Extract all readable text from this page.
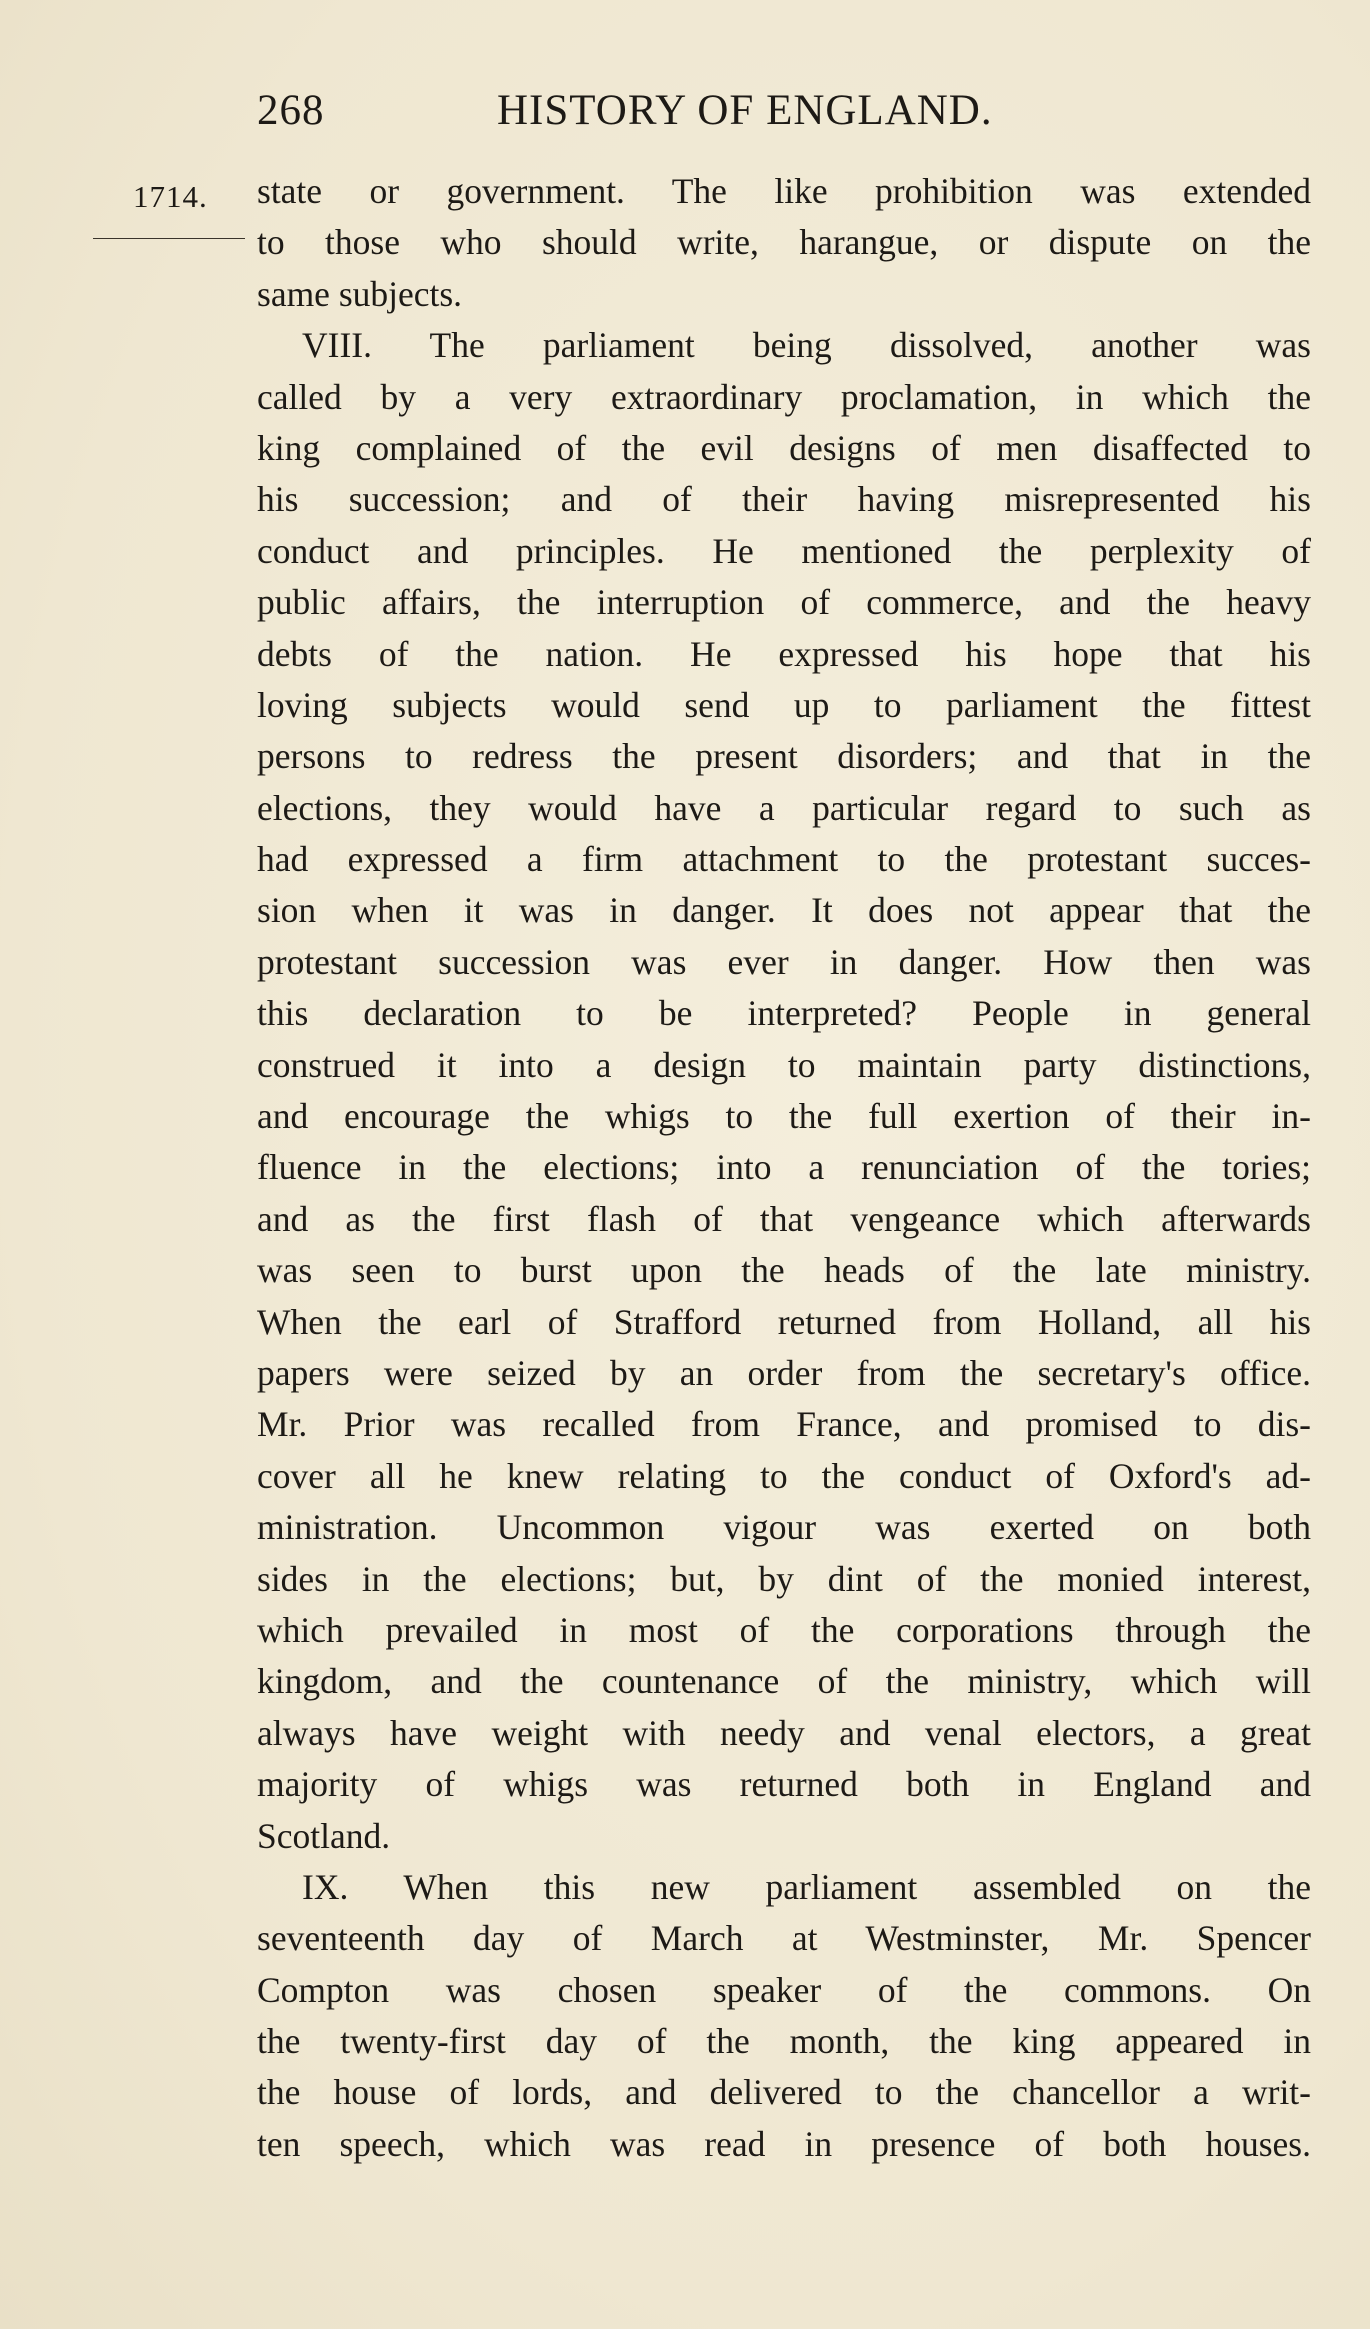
268	HISTORY OF ENGLAND.
1714. state or government. The like prohibition was extended
to those who should write, harangue, or dispute on the
same subjects.
VIII. The parliament being dissolved, another was
called by a very extraordinary proclamation, in which the
king complained of the evil designs of men disaffected to
his succession; and of their having misrepresented his
conduct and principles. He mentioned the perplexity of
public affairs, the interruption of commerce, and the heavy
debts of the nation. He expressed his hope that his
loving subjects would send up to parliament the fittest
persons to redress the present disorders; and that in the
elections, they would have a particular regard to such as
had expressed a firm attachment to the protestant succes-
sion when it was in danger. It does not appear that the
protestant succession was ever in danger. How then was
this declaration to be interpreted? People in general
construed it into a design to maintain party distinctions,
and encourage the whigs to the full exertion of their in-
fluence in the elections; into a renunciation of the tories;
and as the first flash of that vengeance which afterwards
was seen to burst upon the heads of the late ministry.
When the earl of Strafford returned from Holland, all his
papers were seized by an order from the secretary's office.
Mr. Prior was recalled from France, and promised to dis-
cover all he knew relating to the conduct of Oxford's ad-
ministration. Uncommon vigour was exerted on both
sides in the elections; but, by dint of the monied interest,
which prevailed in most of the corporations through the
kingdom, and the countenance of the ministry, which will
always have weight with needy and venal electors, a great
majority of whigs was returned both in England and
Scotland.
IX. When this new parliament assembled on the
seventeenth day of March at Westminster, Mr. Spencer
Compton was chosen speaker of the commons. On
the twenty-first day of the month, the king appeared in
the house of lords, and delivered to the chancellor a writ-
ten speech, which was read in presence of both houses.
